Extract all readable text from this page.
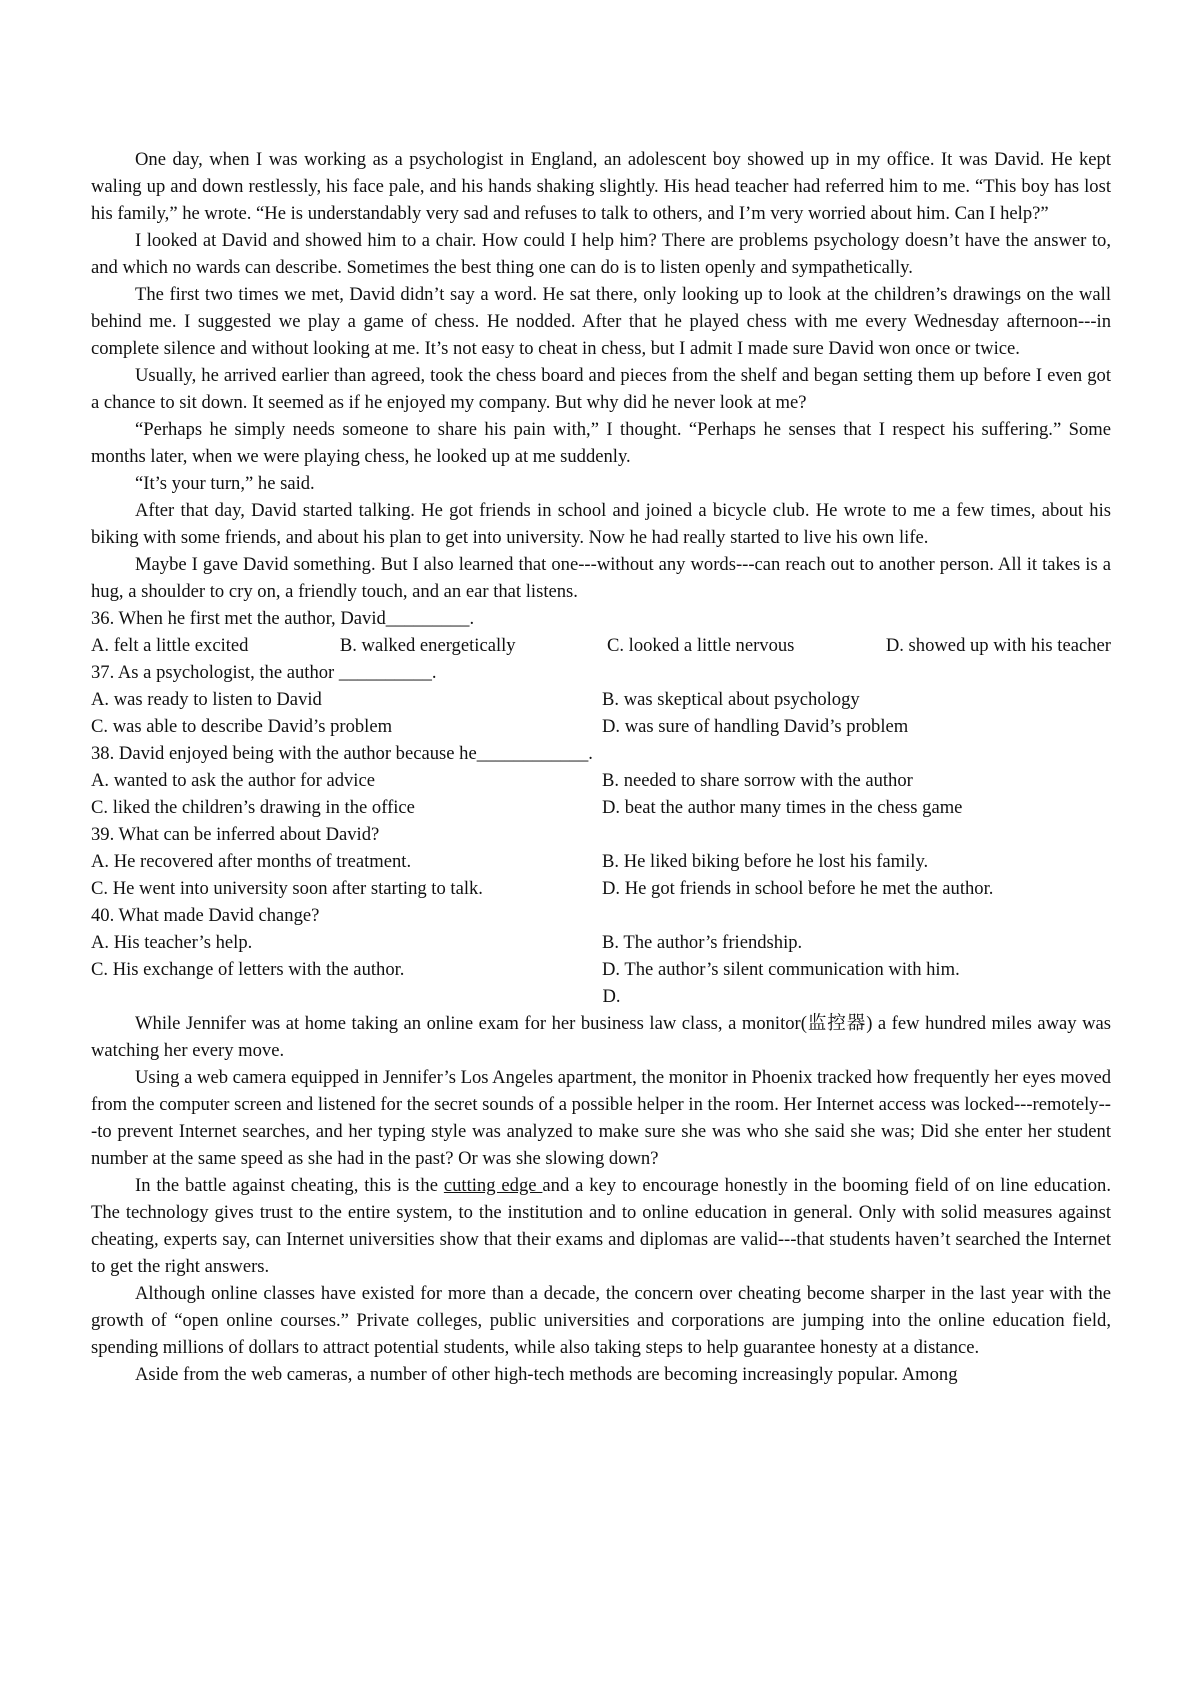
One day, when I was working as a psychologist in England, an adolescent boy showed up in my office. It was David. He kept waling up and down restlessly, his face pale, and his hands shaking slightly. His head teacher had referred him to me. “This boy has lost his family,” he wrote. “He is understandably very sad and refuses to talk to others, and I’m very worried about him. Can I help?”

I looked at David and showed him to a chair. How could I help him? There are problems psychology doesn’t have the answer to, and which no wards can describe. Sometimes the best thing one can do is to listen openly and sympathetically.

The first two times we met, David didn’t say a word. He sat there, only looking up to look at the children’s drawings on the wall behind me. I suggested we play a game of chess. He nodded. After that he played chess with me every Wednesday afternoon---in complete silence and without looking at me. It’s not easy to cheat in chess, but I admit I made sure David won once or twice.

Usually, he arrived earlier than agreed, took the chess board and pieces from the shelf and began setting them up before I even got a chance to sit down. It seemed as if he enjoyed my company. But why did he never look at me?

“Perhaps he simply needs someone to share his pain with,” I thought. “Perhaps he senses that I respect his suffering.” Some months later, when we were playing chess, he looked up at me suddenly.

“It’s your turn,” he said.

After that day, David started talking. He got friends in school and joined a bicycle club. He wrote to me a few times, about his biking with some friends, and about his plan to get into university. Now he had really started to live his own life.

Maybe I gave David something. But I also learned that one---without any words---can reach out to another person. All it takes is a hug, a shoulder to cry on, a friendly touch, and an ear that listens.

36. When he first met the author, David_________.

A. felt a little excited	B. walked energetically	C. looked a little nervous	D. showed up with his teacher

37. As a psychologist, the author __________.

A. was ready to listen to David	B. was skeptical about psychology
C. was able to describe David’s problem	D. was sure of handling David’s problem

38. David enjoyed being with the author because he____________.

A. wanted to ask the author for advice	B. needed to share sorrow with the author
C. liked the children’s drawing in the office	D. beat the author many times in the chess game

39. What can be inferred about David?

A. He recovered after months of treatment.	B. He liked biking before he lost his family.
C. He went into university soon after starting to talk.	D. He got friends in school before he met the author.

40. What made David change?

A. His teacher’s help.	B. The author’s friendship.
C. His exchange of letters with the author.	D. The author’s silent communication with him.

D.

While Jennifer was at home taking an online exam for her business law class, a monitor(监控器) a few hundred miles away was watching her every move.

Using a web camera equipped in Jennifer’s Los Angeles apartment, the monitor in Phoenix tracked how frequently her eyes moved from the computer screen and listened for the secret sounds of a possible helper in the room. Her Internet access was locked---remotely---to prevent Internet searches, and her typing style was analyzed to make sure she was who she said she was; Did she enter her student number at the same speed as she had in the past? Or was she slowing down?

In the battle against cheating, this is the cutting edge and a key to encourage honestly in the booming field of on line education. The technology gives trust to the entire system, to the institution and to online education in general. Only with solid measures against cheating, experts say, can Internet universities show that their exams and diplomas are valid---that students haven’t searched the Internet to get the right answers.

Although online classes have existed for more than a decade, the concern over cheating become sharper in the last year with the growth of “open online courses.” Private colleges, public universities and corporations are jumping into the online education field, spending millions of dollars to attract potential students, while also taking steps to help guarantee honesty at a distance.

Aside from the web cameras, a number of other high-tech methods are becoming increasingly popular. Among
